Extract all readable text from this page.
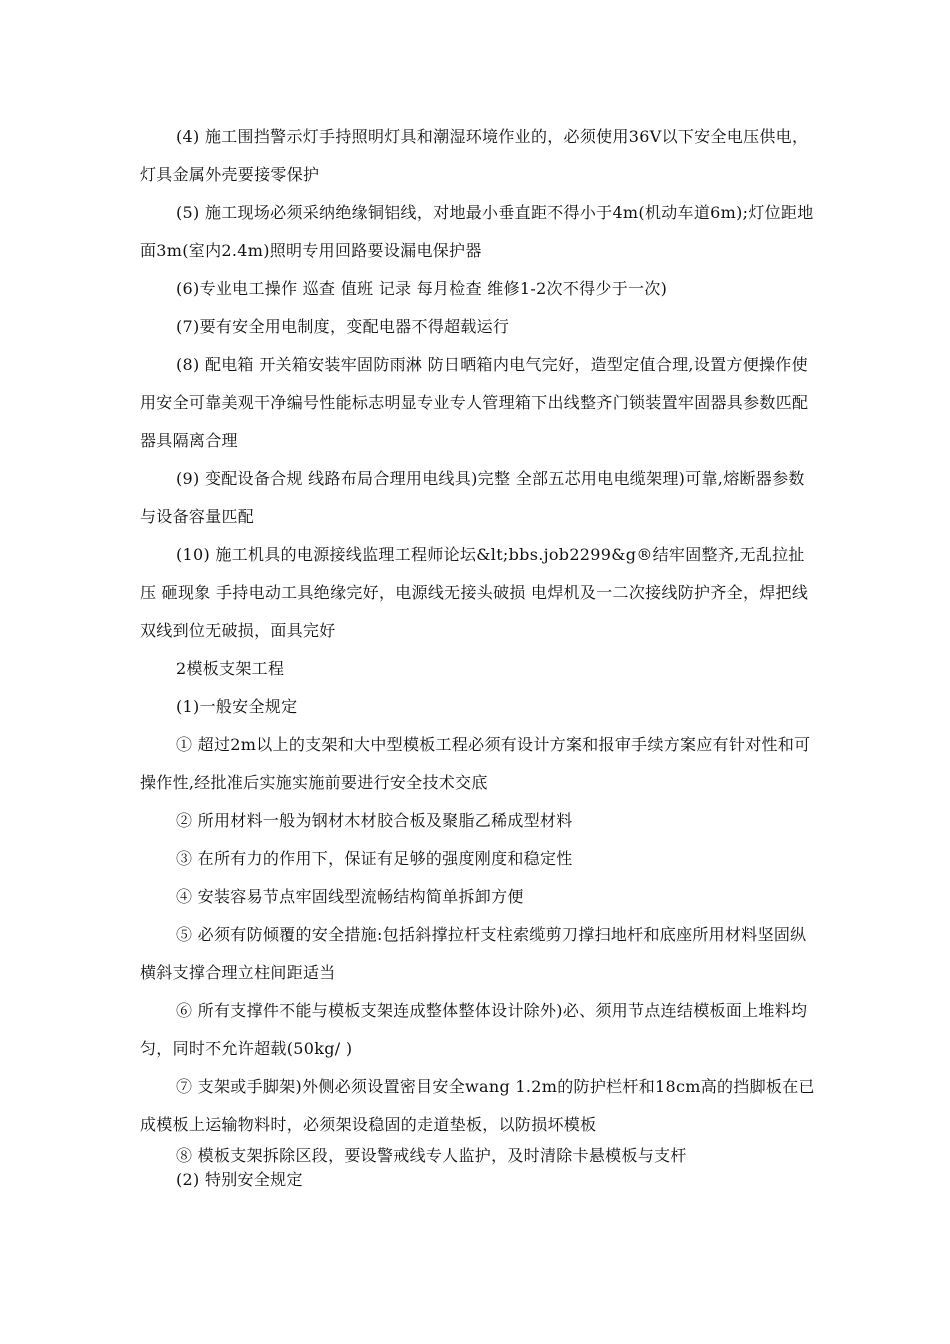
(4) 施工围挡警示灯手持照明灯具和潮湿环境作业的，必须使用36V以下安全电压供电，灯具金属外壳要接零保护

(5) 施工现场必须采纳绝缘铜铝线，对地最小垂直距不得小于4m(机动车道6m);灯位距地面3m(室内2.4m)照明专用回路要设漏电保护器

(6)专业电工操作 巡查 值班 记录 每月检查 维修1-2次不得少于一次)

(7)要有安全用电制度，变配电器不得超载运行

(8) 配电箱 开关箱安装牢固防雨淋 防日晒箱内电气完好，造型定值合理,设置方便操作使用安全可靠美观干净编号性能标志明显专业专人管理箱下出线整齐门锁装置牢固器具参数匹配器具隔离合理

(9) 变配设备合规 线路布局合理用电线具)完整 全部五芯用电电缆架理)可靠,熔断器参数与设备容量匹配

(10) 施工机具的电源接线监理工程师论坛&lt;bbs.job2299&g®结牢固整齐,无乱拉扯压 砸现象 手持电动工具绝缘完好，电源线无接头破损 电焊机及一二次接线防护齐全，焊把线双线到位无破损，面具完好

2模板支架工程

(1)一般安全规定

① 超过2m以上的支架和大中型模板工程必须有设计方案和报审手续方案应有针对性和可操作性,经批准后实施实施前要进行安全技术交底

② 所用材料一般为钢材木材胶合板及聚脂乙稀成型材料

③ 在所有力的作用下，保证有足够的强度刚度和稳定性

④ 安装容易节点牢固线型流畅结构简单拆卸方便

⑤ 必须有防倾覆的安全措施:包括斜撑拉杆支柱索缆剪刀撑扫地杆和底座所用材料坚固纵横斜支撑合理立柱间距适当

⑥ 所有支撑件不能与模板支架连成整体整体设计除外)必、须用节点连结模板面上堆料均匀，同时不允许超载(50kg/ )

⑦ 支架或手脚架)外侧必须设置密目安全wang 1.2m的防护栏杆和18cm高的挡脚板在已成模板上运输物料时，必须架设稳固的走道垫板，以防损坏模板

⑧ 模板支架拆除区段，要设警戒线专人监护，及时清除卡悬模板与支杆

(2) 特别安全规定
